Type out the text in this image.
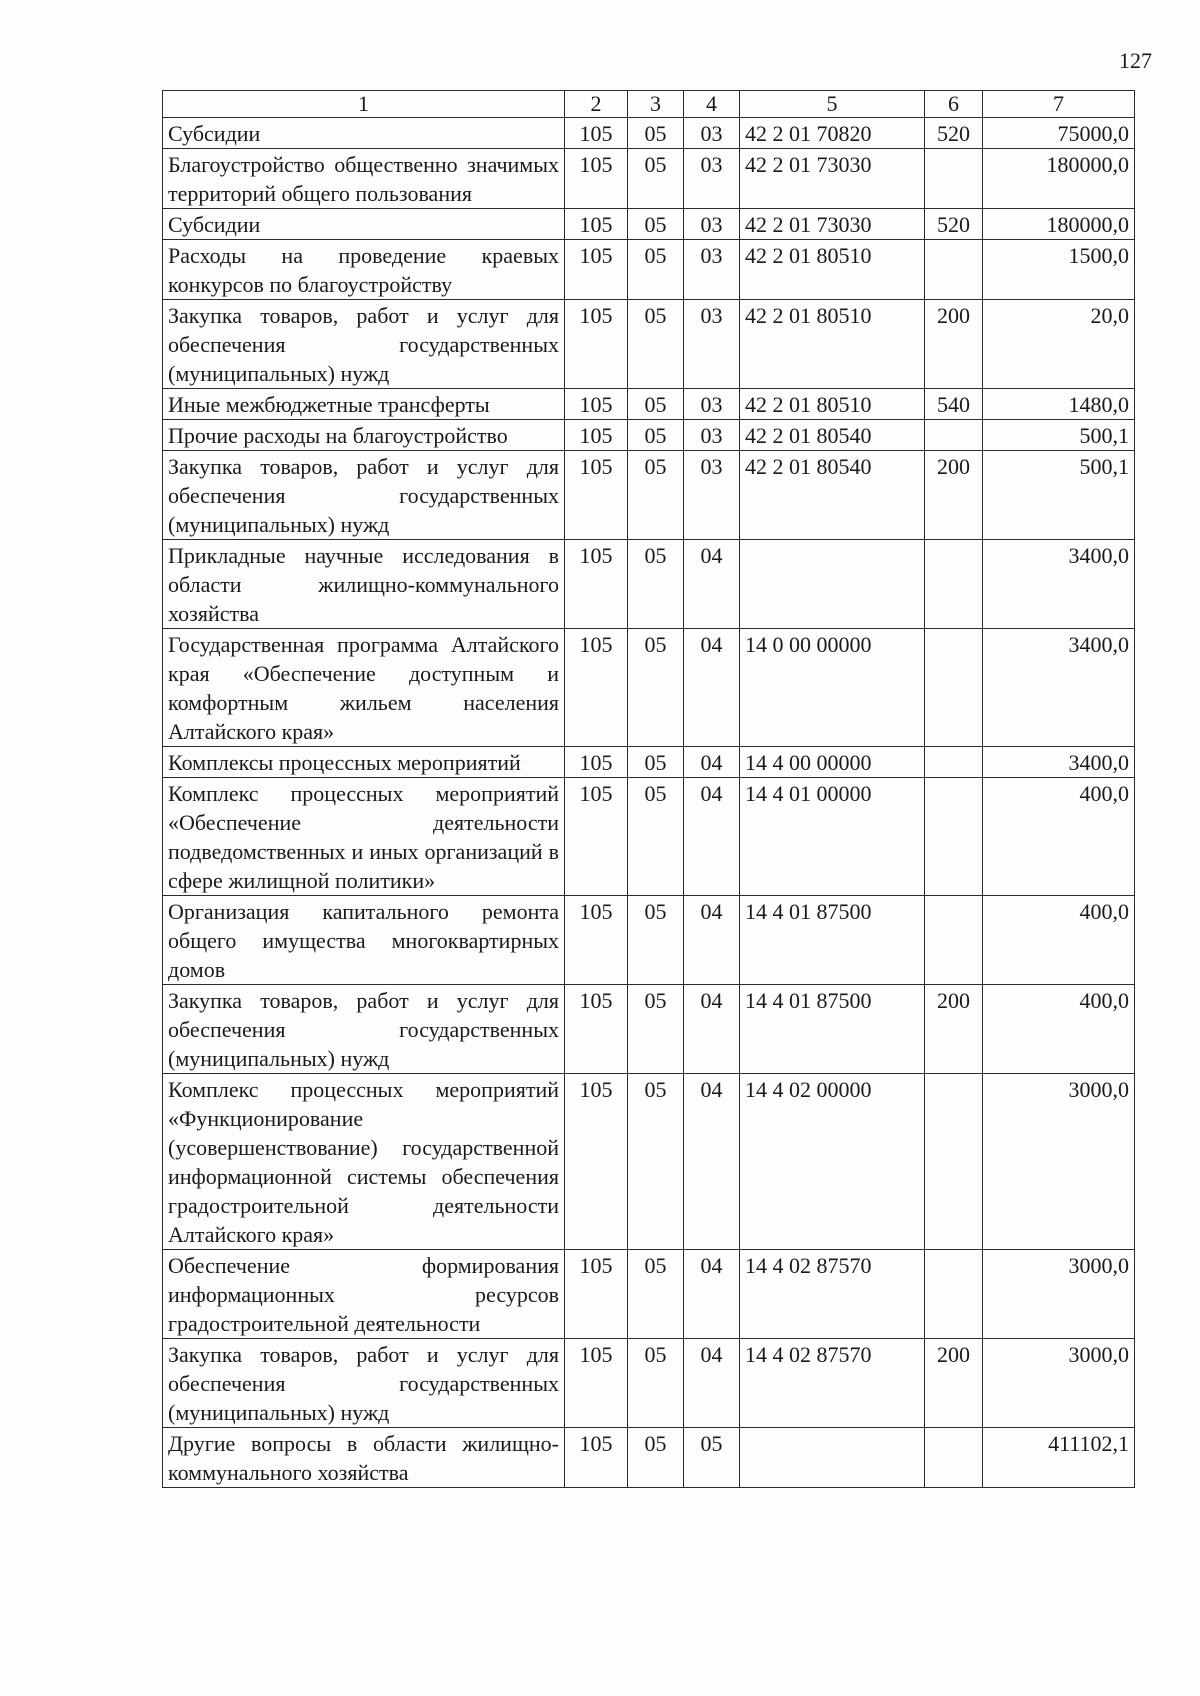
127
1	2	3	4	5	6	7
Субсидии	105	05	03	42 2 01 70820	520	75000,0
Благоустройство общественно значимых территорий общего пользования	105	05	03	42 2 01 73030		180000,0
Субсидии	105	05	03	42 2 01 73030	520	180000,0
Расходы на проведение краевых конкурсов по благоустройству	105	05	03	42 2 01 80510		1500,0
Закупка товаров, работ и услуг для обеспечения государственных (муниципальных) нужд	105	05	03	42 2 01 80510	200	20,0
Иные межбюджетные трансферты	105	05	03	42 2 01 80510	540	1480,0
Прочие расходы на благоустройство	105	05	03	42 2 01 80540		500,1
Закупка товаров, работ и услуг для обеспечения государственных (муниципальных) нужд	105	05	03	42 2 01 80540	200	500,1
Прикладные научные исследования в области жилищно-коммунального хозяйства	105	05	04			3400,0
Государственная программа Алтайского края «Обеспечение доступным и комфортным жильем населения Алтайского края»	105	05	04	14 0 00 00000		3400,0
Комплексы процессных мероприятий	105	05	04	14 4 00 00000		3400,0
Комплекс процессных мероприятий «Обеспечение деятельности подведомственных и иных организаций в сфере жилищной политики»	105	05	04	14 4 01 00000		400,0
Организация капитального ремонта общего имущества многоквартирных домов	105	05	04	14 4 01 87500		400,0
Закупка товаров, работ и услуг для обеспечения государственных (муниципальных) нужд	105	05	04	14 4 01 87500	200	400,0
Комплекс процессных мероприятий «Функционирование (усовершенствование) государственной информационной системы обеспечения градостроительной деятельности Алтайского края»	105	05	04	14 4 02 00000		3000,0
Обеспечение формирования информационных ресурсов градостроительной деятельности	105	05	04	14 4 02 87570		3000,0
Закупка товаров, работ и услуг для обеспечения государственных (муниципальных) нужд	105	05	04	14 4 02 87570	200	3000,0
Другие вопросы в области жилищно-коммунального хозяйства	105	05	05			411102,1
